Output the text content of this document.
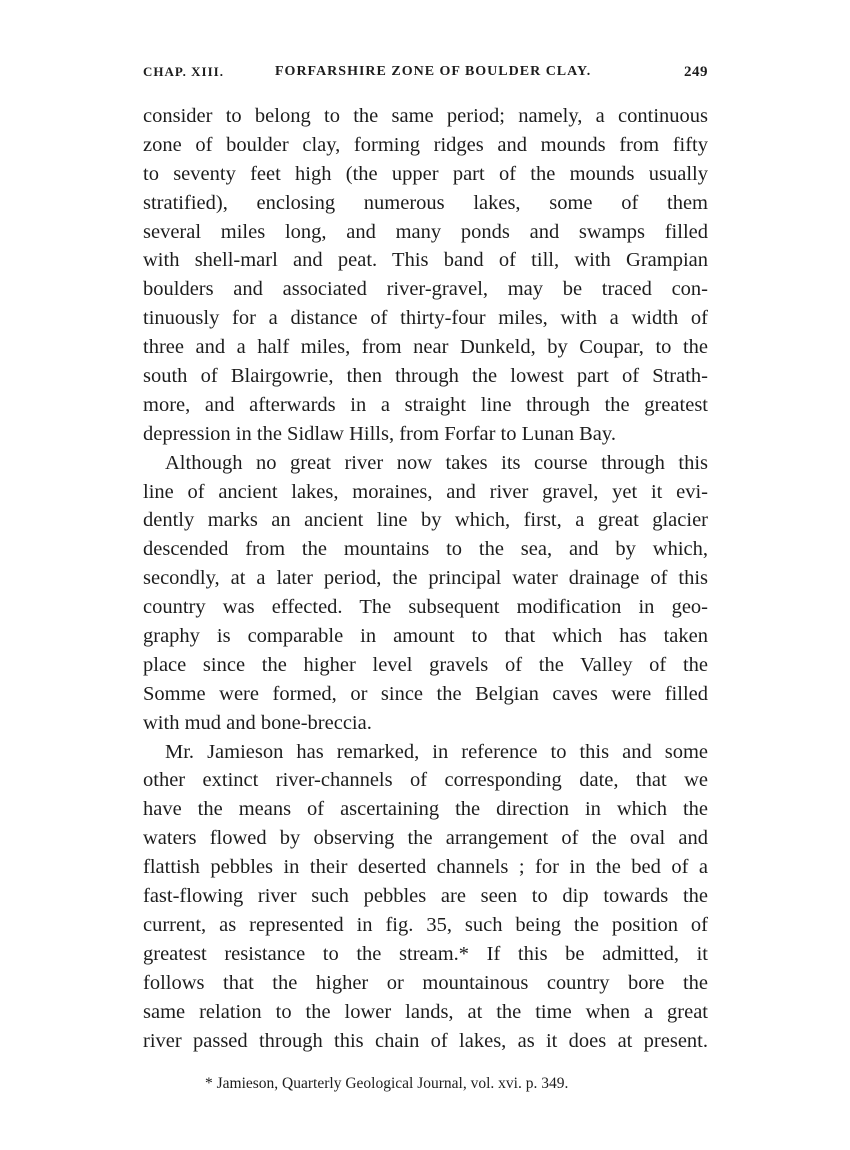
CHAP. XIII.	FORFARSHIRE ZONE OF BOULDER CLAY.	249
consider to belong to the same period; namely, a continuous
zone of boulder clay, forming ridges and mounds from fifty
to seventy feet high (the upper part of the mounds usually
stratified), enclosing numerous lakes, some of them
several miles long, and many ponds and swamps filled
with shell-marl and peat. This band of till, with Grampian
boulders and associated river-gravel, may be traced con-
tinuously for a distance of thirty-four miles, with a width of
three and a half miles, from near Dunkeld, by Coupar, to the
south of Blairgowrie, then through the lowest part of Strath-
more, and afterwards in a straight line through the greatest
depression in the Sidlaw Hills, from Forfar to Lunan Bay.
Although no great river now takes its course through this
line of ancient lakes, moraines, and river gravel, yet it evi-
dently marks an ancient line by which, first, a great glacier
descended from the mountains to the sea, and by which,
secondly, at a later period, the principal water drainage of this
country was effected. The subsequent modification in geo-
graphy is comparable in amount to that which has taken
place since the higher level gravels of the Valley of the
Somme were formed, or since the Belgian caves were filled
with mud and bone-breccia.
Mr. Jamieson has remarked, in reference to this and some
other extinct river-channels of corresponding date, that we
have the means of ascertaining the direction in which the
waters flowed by observing the arrangement of the oval and
flattish pebbles in their deserted channels ; for in the bed of a
fast-flowing river such pebbles are seen to dip towards the
current, as represented in fig. 35, such being the position of
greatest resistance to the stream.* If this be admitted, it
follows that the higher or mountainous country bore the
same relation to the lower lands, at the time when a great
river passed through this chain of lakes, as it does at present.
* Jamieson, Quarterly Geological Journal, vol. xvi. p. 349.
